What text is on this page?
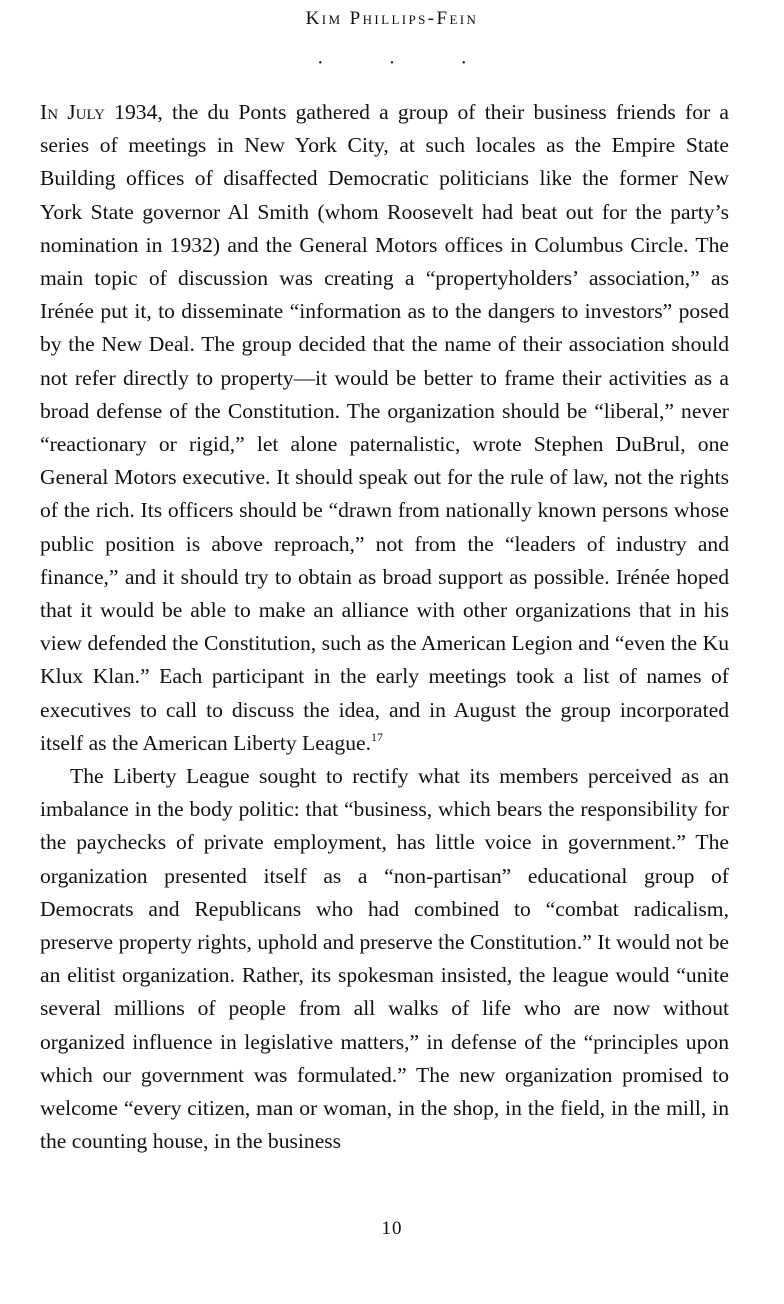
Kim Phillips-Fein
· · ·

In July 1934, the du Ponts gathered a group of their business friends for a series of meetings in New York City, at such locales as the Empire State Building offices of disaffected Democratic politicians like the former New York State governor Al Smith (whom Roosevelt had beat out for the party’s nomination in 1932) and the General Motors offices in Columbus Circle. The main topic of discussion was creating a “propertyholders’ association,” as Irénée put it, to disseminate “information as to the dangers to investors” posed by the New Deal. The group decided that the name of their association should not refer directly to property—it would be better to frame their activities as a broad defense of the Constitution. The organization should be “liberal,” never “reactionary or rigid,” let alone paternalistic, wrote Stephen DuBrul, one General Motors executive. It should speak out for the rule of law, not the rights of the rich. Its officers should be “drawn from nationally known persons whose public position is above reproach,” not from the “leaders of industry and finance,” and it should try to obtain as broad support as possible. Irénée hoped that it would be able to make an alliance with other organizations that in his view defended the Constitution, such as the American Legion and “even the Ku Klux Klan.” Each participant in the early meetings took a list of names of executives to call to discuss the idea, and in August the group incorporated itself as the American Liberty League.$^{17}$

The Liberty League sought to rectify what its members perceived as an imbalance in the body politic: that “business, which bears the responsibility for the paychecks of private employment, has little voice in government.” The organization presented itself as a “non-partisan” educational group of Democrats and Republicans who had combined to “combat radicalism, preserve property rights, uphold and preserve the Constitution.” It would not be an elitist organization. Rather, its spokesman insisted, the league would “unite several millions of people from all walks of life who are now without organized influence in legislative matters,” in defense of the “principles upon which our government was formulated.” The new organization promised to welcome “every citizen, man or woman, in the shop, in the field, in the mill, in the counting house, in the business

10
